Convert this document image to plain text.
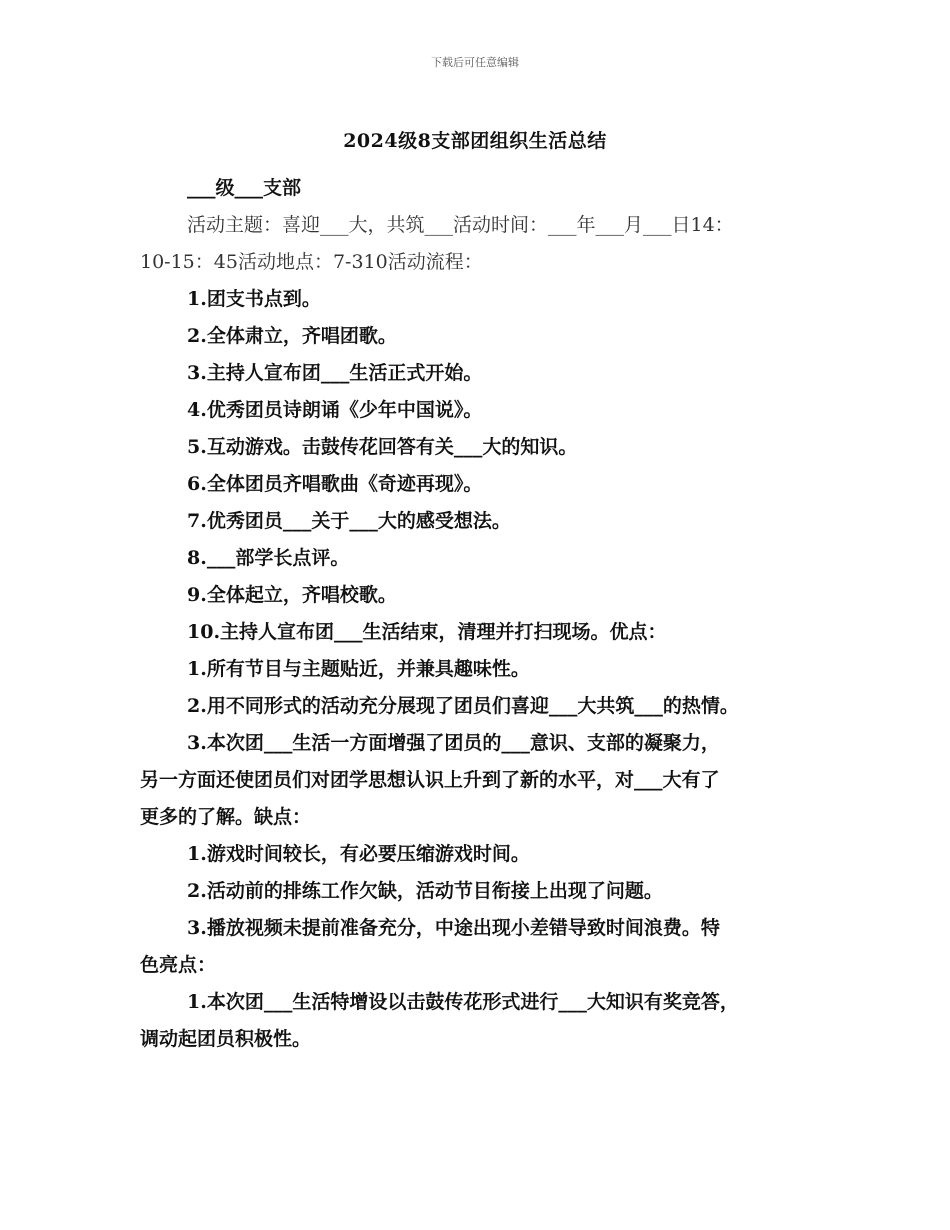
下载后可任意编辑
2024级8支部团组织生活总结

___级___支部

活动主题：喜迎___大，共筑___活动时间：___年___月___日14：

10-15：45活动地点：7-310活动流程：

1.团支书点到。

2.全体肃立，齐唱团歌。

3.主持人宣布团___生活正式开始。

4.优秀团员诗朗诵《少年中国说》。

5.互动游戏。击鼓传花回答有关___大的知识。

6.全体团员齐唱歌曲《奇迹再现》。

7.优秀团员___关于___大的感受想法。

8.___部学长点评。

9.全体起立，齐唱校歌。

10.主持人宣布团___生活结束，清理并打扫现场。优点：

1.所有节目与主题贴近，并兼具趣味性。

2.用不同形式的活动充分展现了团员们喜迎___大共筑___的热情。

3.本次团___生活一方面增强了团员的___意识、支部的凝聚力，

另一方面还使团员们对团学思想认识上升到了新的水平，对___大有了

更多的了解。缺点：

1.游戏时间较长，有必要压缩游戏时间。

2.活动前的排练工作欠缺，活动节目衔接上出现了问题。

3.播放视频未提前准备充分，中途出现小差错导致时间浪费。特

色亮点：

1.本次团___生活特增设以击鼓传花形式进行___大知识有奖竞答，

调动起团员积极性。
